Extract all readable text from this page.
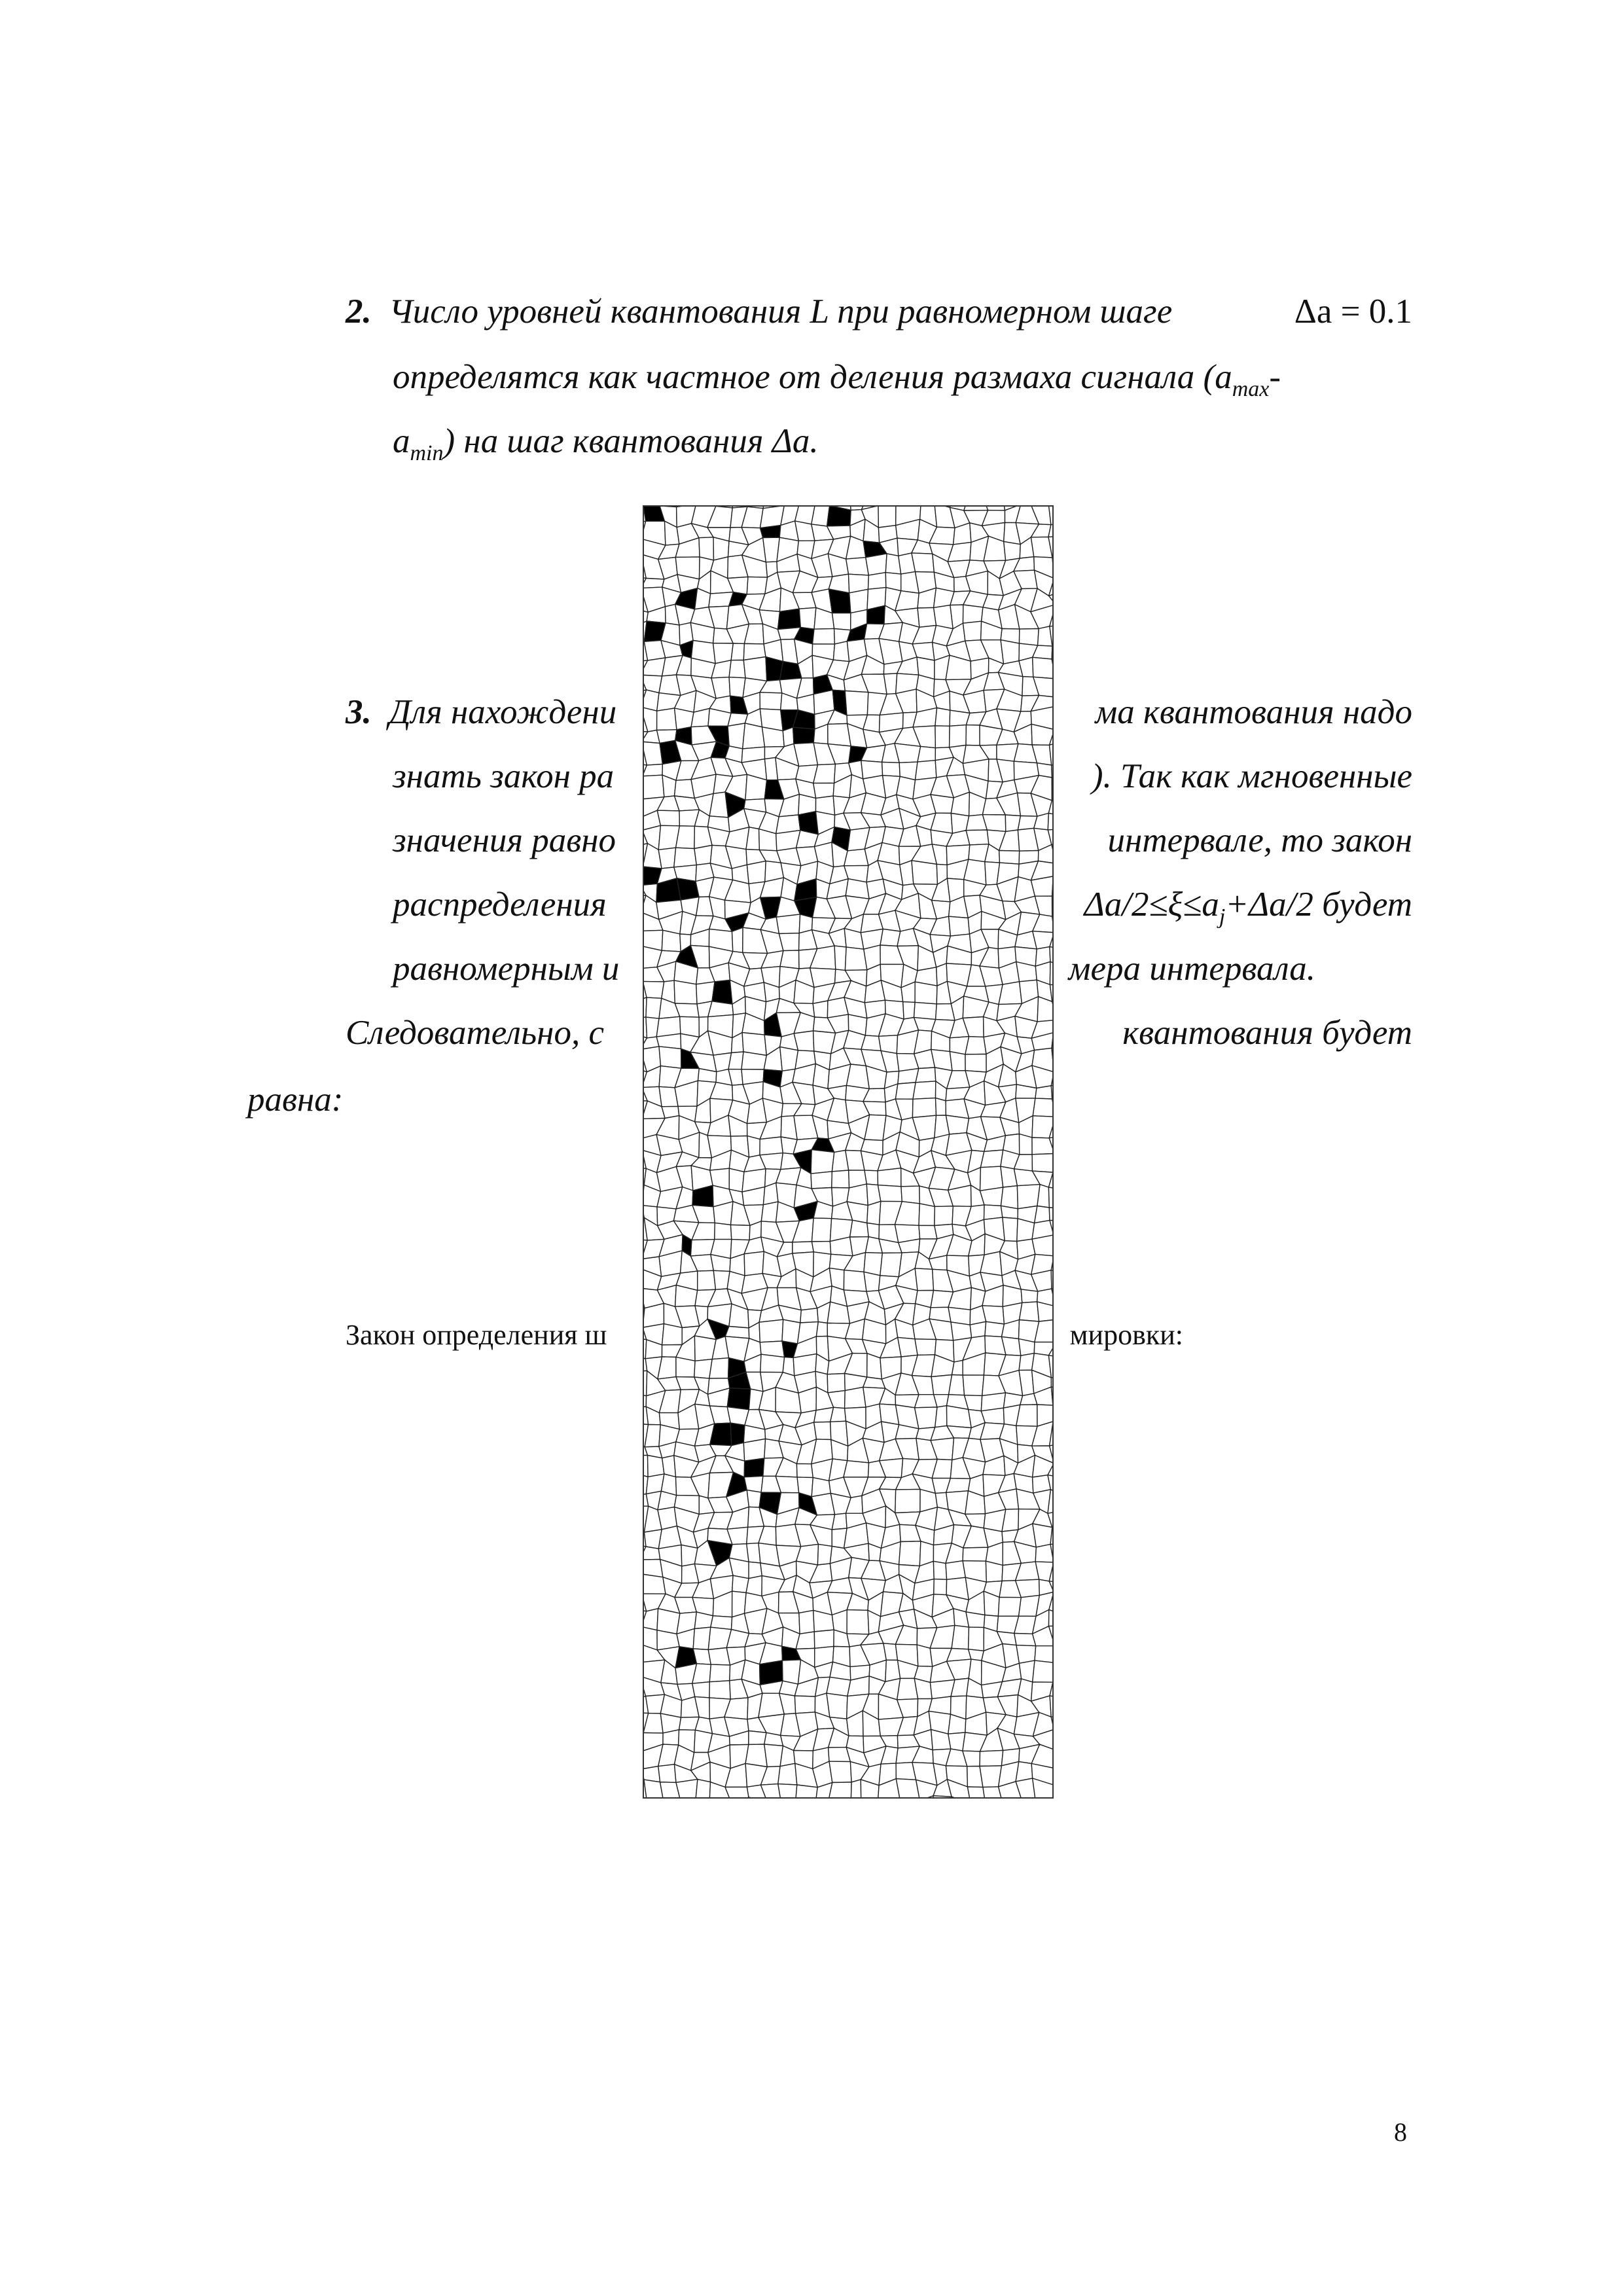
2. Число уровней квантования L при равномерном шаге	Δa = 0.1
определятся как частное от деления размаха сигнала ($a_{max}-$
$a_{min}$) на шаг квантования Δa.
3. Для нахождени	ма квантования надо
знать закон ра	). Так как мгновенные
значения равно	интервале, то закон
распределения	$\Delta a/2\le\xi\le a_j+\Delta a/2$ будет
равномерным и	мера интервала.
Следовательно, с	квантования будет
равна:
Закон определения ш	мировки:
8
